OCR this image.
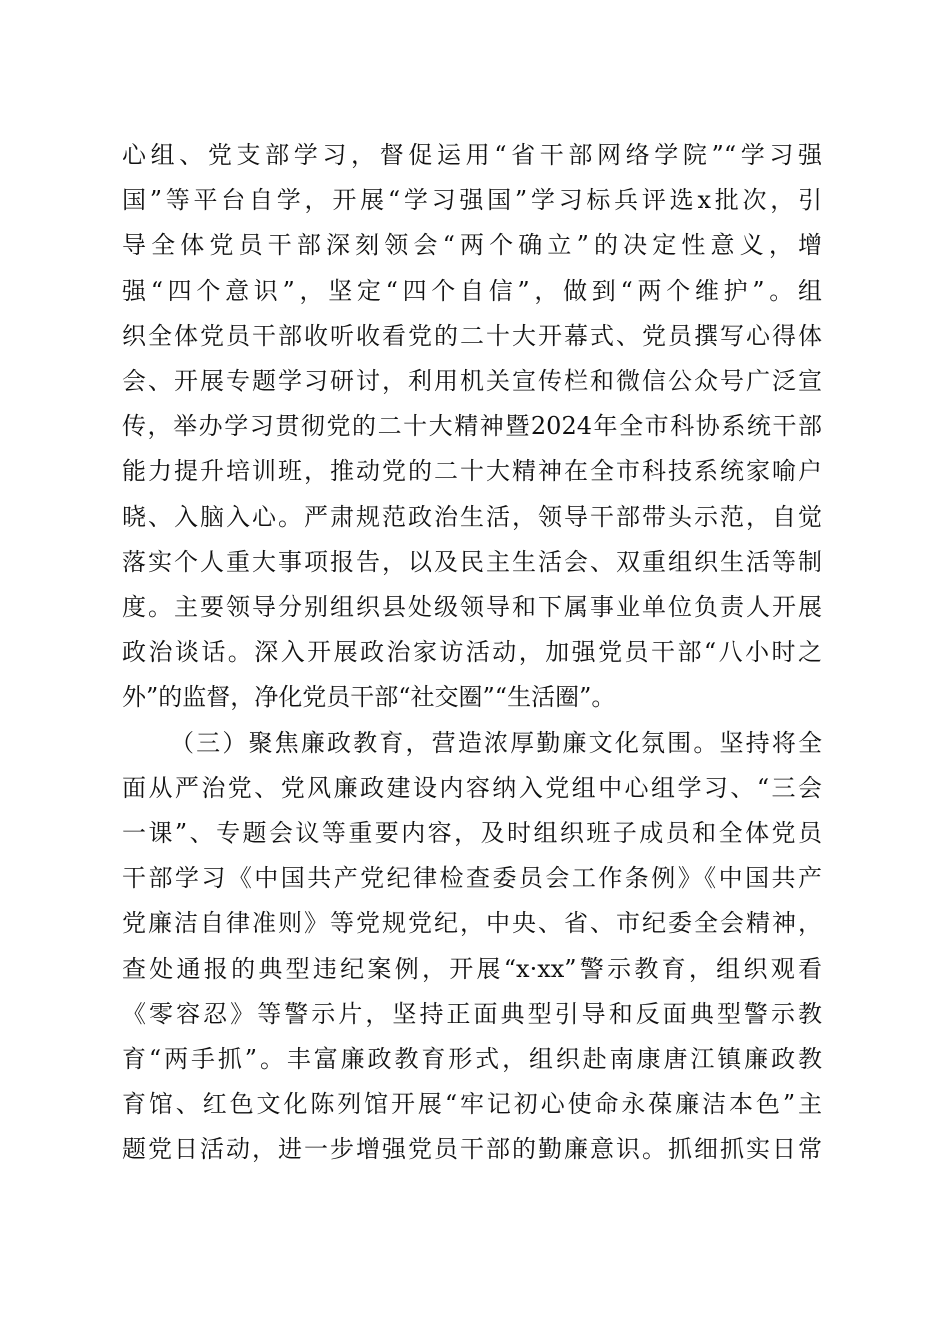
心组、党支部学习，督促运用“省干部网络学院”“学习强
国”等平台自学，开展“学习强国”学习标兵评选x批次，引
导全体党员干部深刻领会“两个确立”的决定性意义，增
强“四个意识”，坚定“四个自信”，做到“两个维护”。组
织全体党员干部收听收看党的二十大开幕式、党员撰写心得体
会、开展专题学习研讨，利用机关宣传栏和微信公众号广泛宣
传，举办学习贯彻党的二十大精神暨2024年全市科协系统干部
能力提升培训班，推动党的二十大精神在全市科技系统家喻户
晓、入脑入心。严肃规范政治生活，领导干部带头示范，自觉
落实个人重大事项报告，以及民主生活会、双重组织生活等制
度。主要领导分别组织县处级领导和下属事业单位负责人开展
政治谈话。深入开展政治家访活动，加强党员干部“八小时之
外”的监督，净化党员干部“社交圈”“生活圈”。
（三）聚焦廉政教育，营造浓厚勤廉文化氛围。坚持将全
面从严治党、党风廉政建设内容纳入党组中心组学习、“三会
一课”、专题会议等重要内容，及时组织班子成员和全体党员
干部学习《中国共产党纪律检查委员会工作条例》《中国共产
党廉洁自律准则》等党规党纪，中央、省、市纪委全会精神，
查处通报的典型违纪案例，开展“x·xx”警示教育，组织观看
《零容忍》等警示片，坚持正面典型引导和反面典型警示教
育“两手抓”。丰富廉政教育形式，组织赴南康唐江镇廉政教
育馆、红色文化陈列馆开展“牢记初心使命永葆廉洁本色”主
题党日活动，进一步增强党员干部的勤廉意识。抓细抓实日常
